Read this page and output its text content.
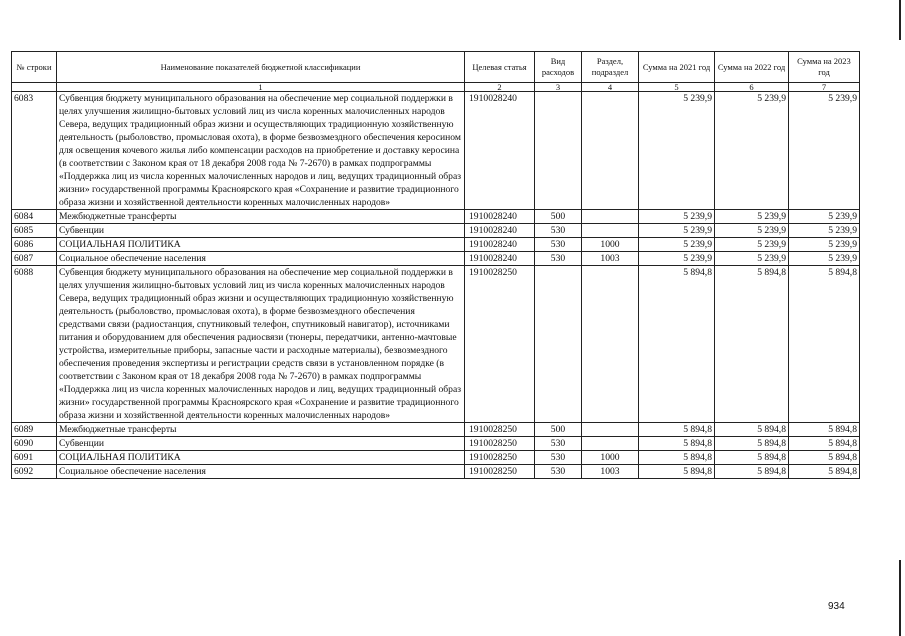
№ строки	Наименование показателей бюджетной классификации	Целевая статья	Вид расходов	Раздел, подраздел	Сумма на 2021 год	Сумма на 2022 год	Сумма на 2023 год
	1	2	3	4	5	6	7
6083	Субвенция бюджету муниципального образования на обеспечение мер социальной поддержки в целях улучшения жилищно-бытовых условий лиц из числа коренных малочисленных народов Севера, ведущих традиционный образ жизни и осуществляющих традиционную хозяйственную деятельность (рыболовство, промысловая охота), в форме безвозмездного обеспечения керосином для освещения кочевого жилья либо компенсации расходов на приобретение и доставку керосина (в соответствии с Законом края от 18 декабря 2008 года № 7-2670) в рамках подпрограммы «Поддержка лиц из числа коренных малочисленных народов и лиц, ведущих традиционный образ жизни» государственной программы Красноярского края «Сохранение и развитие традиционного образа жизни и хозяйственной деятельности коренных малочисленных народов»	1910028240			5 239,9	5 239,9	5 239,9
6084	Межбюджетные трансферты	1910028240	500		5 239,9	5 239,9	5 239,9
6085	Субвенции	1910028240	530		5 239,9	5 239,9	5 239,9
6086	СОЦИАЛЬНАЯ ПОЛИТИКА	1910028240	530	1000	5 239,9	5 239,9	5 239,9
6087	Социальное обеспечение населения	1910028240	530	1003	5 239,9	5 239,9	5 239,9
6088	Субвенция бюджету муниципального образования на обеспечение мер социальной поддержки в целях улучшения жилищно-бытовых условий лиц из числа коренных малочисленных народов Севера, ведущих традиционный образ жизни и осуществляющих традиционную хозяйственную деятельность (рыболовство, промысловая охота), в форме безвозмездного обеспечения средствами связи (радиостанция, спутниковый телефон, спутниковый навигатор), источниками питания и оборудованием для обеспечения радиосвязи (тюнеры, передатчики, антенно-мачтовые устройства, измерительные приборы, запасные части и расходные материалы), безвозмездного обеспечения проведения экспертизы и регистрации средств связи в установленном порядке (в соответствии с Законом края от 18 декабря 2008 года № 7-2670) в рамках подпрограммы «Поддержка лиц из числа коренных малочисленных народов и лиц, ведущих традиционный образ жизни» государственной программы Красноярского края «Сохранение и развитие традиционного образа жизни и хозяйственной деятельности коренных малочисленных народов»	1910028250			5 894,8	5 894,8	5 894,8
6089	Межбюджетные трансферты	1910028250	500		5 894,8	5 894,8	5 894,8
6090	Субвенции	1910028250	530		5 894,8	5 894,8	5 894,8
6091	СОЦИАЛЬНАЯ ПОЛИТИКА	1910028250	530	1000	5 894,8	5 894,8	5 894,8
6092	Социальное обеспечение населения	1910028250	530	1003	5 894,8	5 894,8	5 894,8
934
